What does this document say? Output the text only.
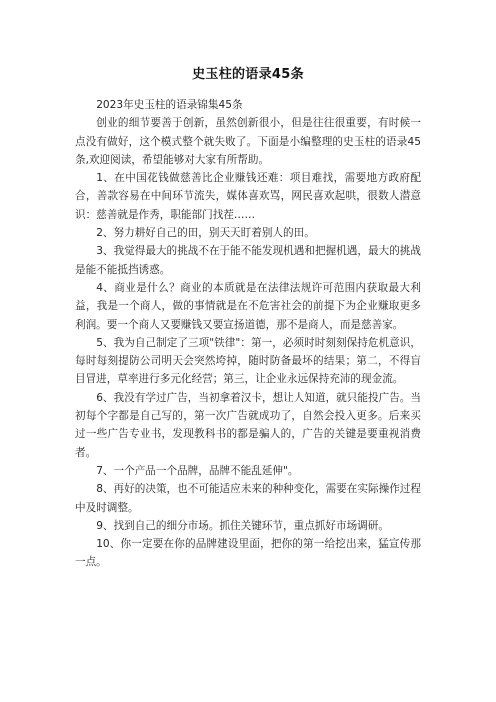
史玉柱的语录45条

2023年史玉柱的语录锦集45条

创业的细节要善于创新，虽然创新很小，但是往往很重要，有时候一点没有做好，这个模式整个就失败了。下面是小编整理的史玉柱的语录45条,欢迎阅读，希望能够对大家有所帮助。

1、在中国花钱做慈善比企业赚钱还难：项目难找，需要地方政府配合，善款容易在中间环节流失，媒体喜欢骂，网民喜欢起哄，很数人潜意识：慈善就是作秀，职能部门找茬……

2、努力耕好自己的田，别天天盯着别人的田。

3、我觉得最大的挑战不在于能不能发现机遇和把握机遇，最大的挑战是能不能抵挡诱惑。

4、商业是什么？商业的本质就是在法律法规许可范围内获取最大利益，我是一个商人，做的事情就是在不危害社会的前提下为企业赚取更多利润。要一个商人又要赚钱又要宣扬道德，那不是商人，而是慈善家。

5、我为自己制定了三项"铁律"：第一，必须时时刻刻保持危机意识，每时每刻提防公司明天会突然垮掉，随时防备最坏的结果；第二，不得盲目冒进，草率进行多元化经营；第三，让企业永远保持充沛的现金流。

6、我没有学过广告，当初拿着汉卡，想让人知道，就只能投广告。当初每个字都是自己写的，第一次广告就成功了，自然会投入更多。后来买过一些广告专业书，发现教科书的都是骗人的，广告的关键是要重视消费者。

7、一个产品一个品牌，品牌不能乱延伸"。

8、再好的决策，也不可能适应未来的种种变化，需要在实际操作过程中及时调整。

9、找到自己的细分市场。抓住关键环节，重点抓好市场调研。

10、你一定要在你的品牌建设里面，把你的第一给挖出来，猛宣传那一点。
